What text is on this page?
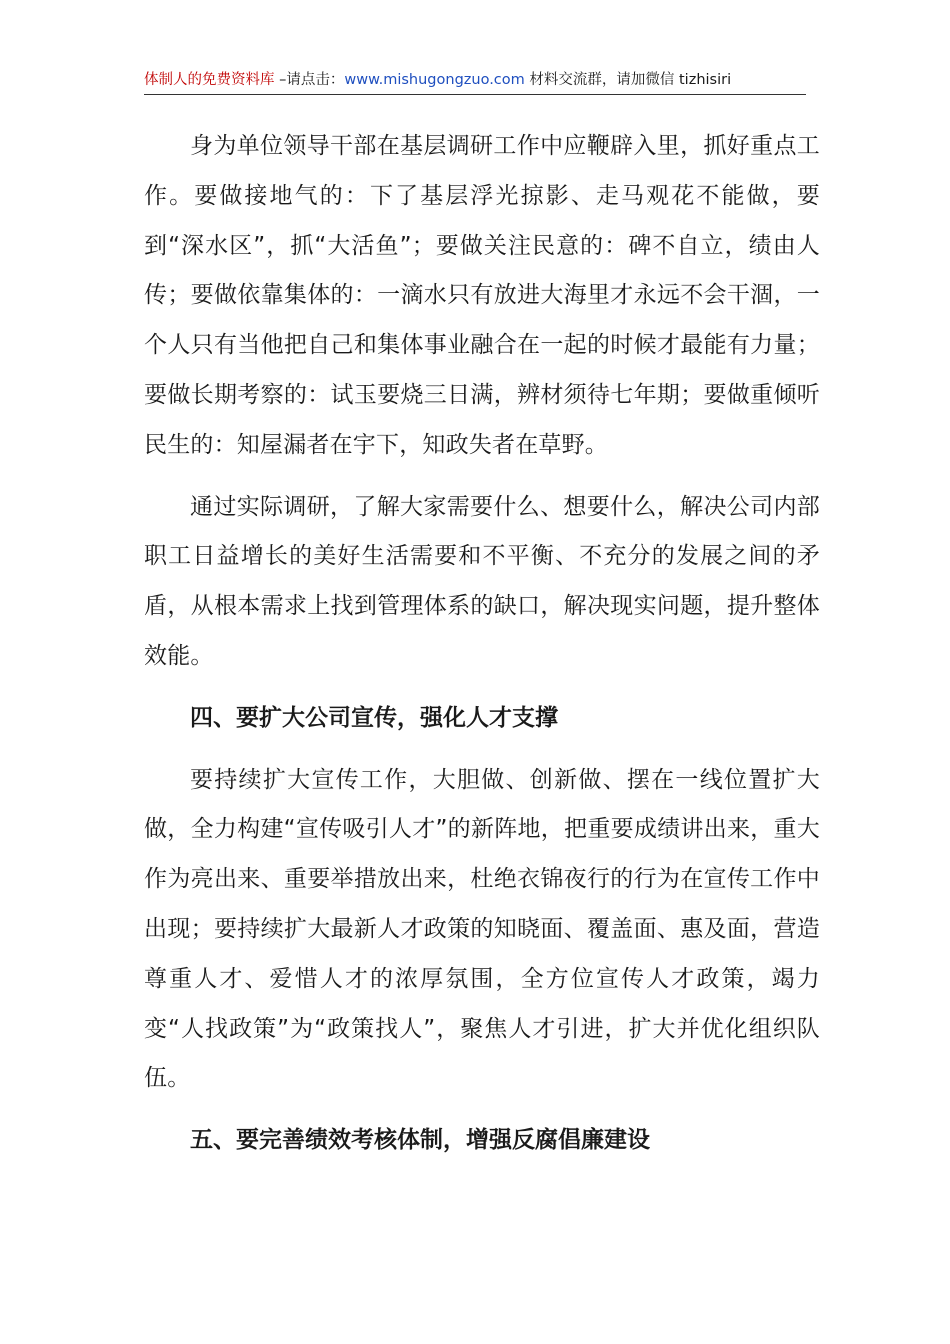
体制人的免费资料库 –请点击：www.mishugongzuo.com 材料交流群，请加微信 tizhisiri

身为单位领导干部在基层调研工作中应鞭辟入里，抓好重点工作。要做接地气的：下了基层浮光掠影、走马观花不能做，要到“深水区”，抓“大活鱼”；要做关注民意的：碑不自立，绩由人传；要做依靠集体的：一滴水只有放进大海里才永远不会干涸，一个人只有当他把自己和集体事业融合在一起的时候才最能有力量；要做长期考察的：试玉要烧三日满，辨材须待七年期；要做重倾听民生的：知屋漏者在宇下，知政失者在草野。

通过实际调研，了解大家需要什么、想要什么，解决公司内部职工日益增长的美好生活需要和不平衡、不充分的发展之间的矛盾，从根本需求上找到管理体系的缺口，解决现实问题，提升整体效能。

四、要扩大公司宣传，强化人才支撑

要持续扩大宣传工作，大胆做、创新做、摆在一线位置扩大做，全力构建“宣传吸引人才”的新阵地，把重要成绩讲出来，重大作为亮出来、重要举措放出来，杜绝衣锦夜行的行为在宣传工作中出现；要持续扩大最新人才政策的知晓面、覆盖面、惠及面，营造尊重人才、爱惜人才的浓厚氛围，全方位宣传人才政策，竭力变“人找政策”为“政策找人”，聚焦人才引进，扩大并优化组织队伍。

五、要完善绩效考核体制，增强反腐倡廉建设
